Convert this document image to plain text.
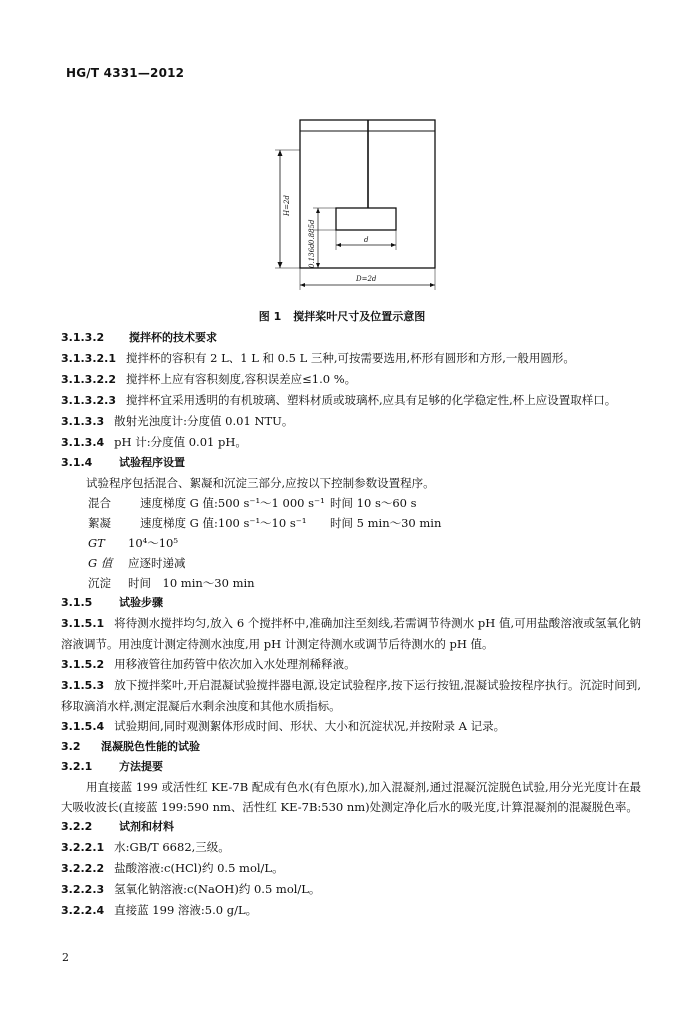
HG/T 4331—2012
H=2d
0.885d
0.136d
d
D=2d
图 1 搅拌桨叶尺寸及位置示意图
3.1.3.2 搅拌杯的技术要求
3.1.3.2.1 搅拌杯的容积有 2 L、1 L 和 0.5 L 三种,可按需要选用,杯形有圆形和方形,一般用圆形。
3.1.3.2.2 搅拌杯上应有容积刻度,容积误差应≤1.0 %。
3.1.3.2.3 搅拌杯宜采用透明的有机玻璃、塑料材质或玻璃杯,应具有足够的化学稳定性,杯上应设置取样口。
3.1.3.3 散射光浊度计:分度值 0.01 NTU。
3.1.3.4 pH 计:分度值 0.01 pH。
3.1.4 试验程序设置
试验程序包括混合、絮凝和沉淀三部分,应按以下控制参数设置程序。
混合	速度梯度 G 值:500 s⁻¹～1 000 s⁻¹ 时间 10 s～60 s
絮凝	速度梯度 G 值:100 s⁻¹～10 s⁻¹ 时间 5 min～30 min
GT 10⁴～10⁵
G 值 应逐时递减
沉淀 时间　10 min～30 min
3.1.5 试验步骤
3.1.5.1 将待测水搅拌均匀,放入 6 个搅拌杯中,准确加注至刻线,若需调节待测水 pH 值,可用盐酸溶液或氢氧化钠溶液调节。用浊度计测定待测水浊度,用 pH 计测定待测水或调节后待测水的 pH 值。
3.1.5.2 用移液管往加药管中依次加入水处理剂稀释液。
3.1.5.3 放下搅拌桨叶,开启混凝试验搅拌器电源,设定试验程序,按下运行按钮,混凝试验按程序执行。沉淀时间到,移取滴消水样,测定混凝后水剩余浊度和其他水质指标。
3.1.5.4 试验期间,同时观测絮体形成时间、形状、大小和沉淀状况,并按附录 A 记录。
3.2 混凝脱色性能的试验
3.2.1 方法提要
用直接蓝 199 或活性红 KE-7B 配成有色水(有色原水),加入混凝剂,通过混凝沉淀脱色试验,用分光光度计在最大吸收波长(直接蓝 199:590 nm、活性红 KE-7B:530 nm)处测定净化后水的吸光度,计算混凝剂的混凝脱色率。
3.2.2 试剂和材料
3.2.2.1 水:GB/T 6682,三级。
3.2.2.2 盐酸溶液:c(HCl)约 0.5 mol/L。
3.2.2.3 氢氧化钠溶液:c(NaOH)约 0.5 mol/L。
3.2.2.4 直接蓝 199 溶液:5.0 g/L。
2
